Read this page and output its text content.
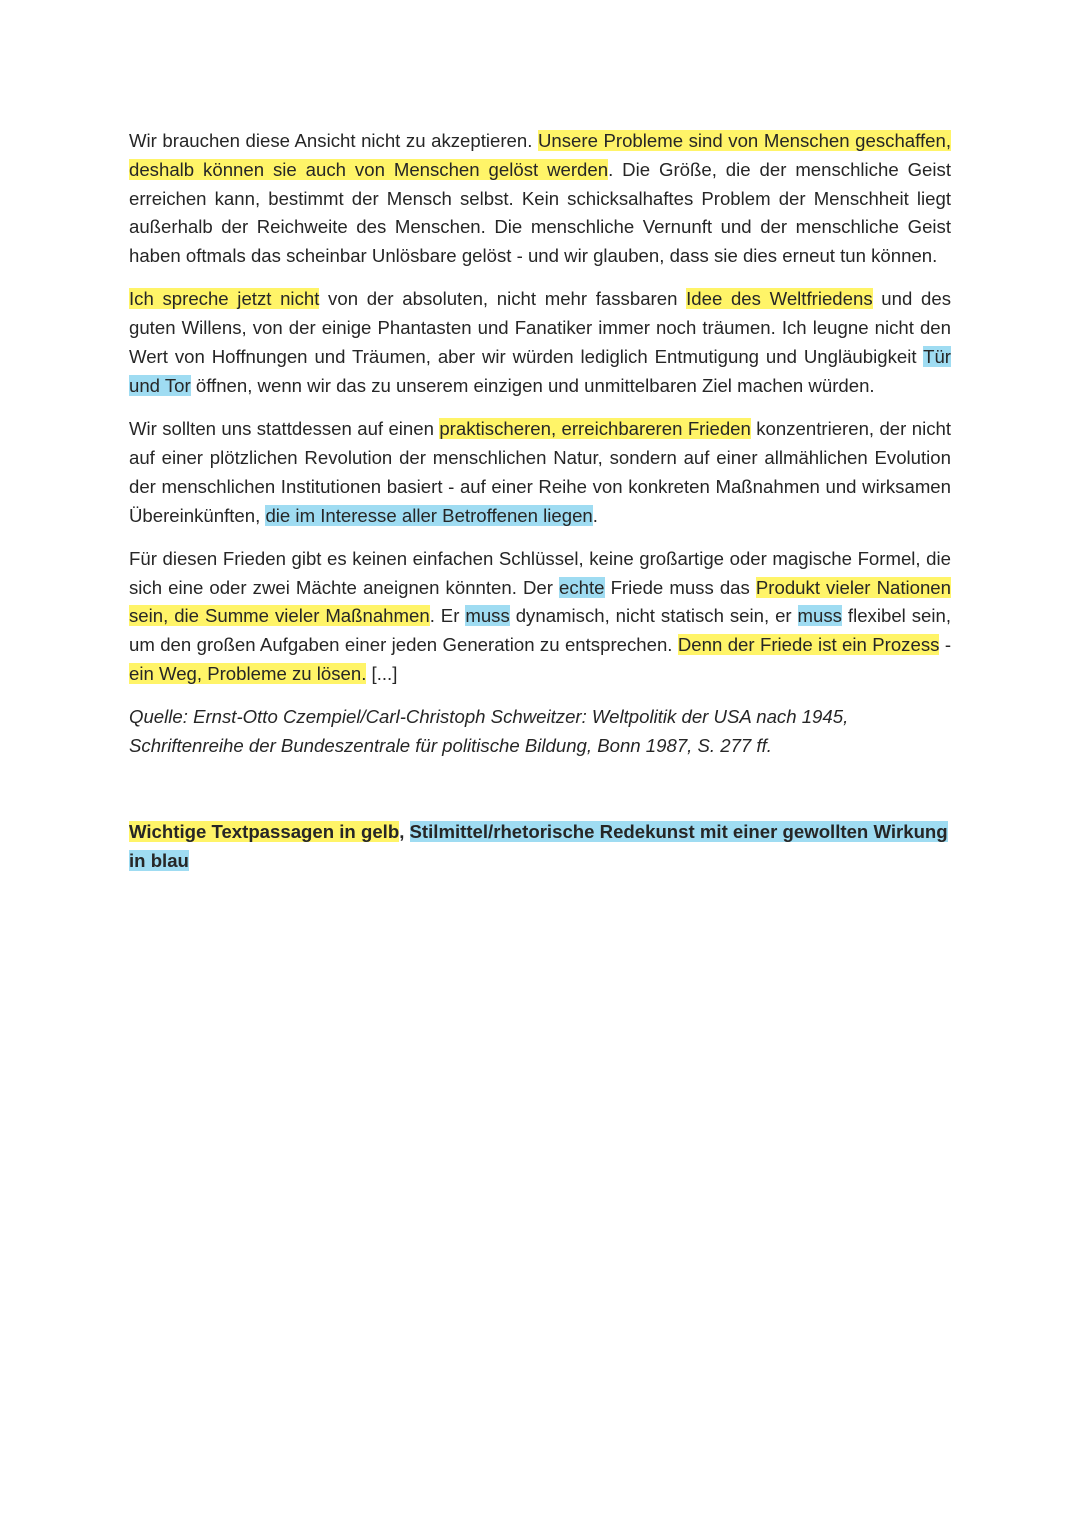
Wir brauchen diese Ansicht nicht zu akzeptieren. Unsere Probleme sind von Menschen geschaffen, deshalb können sie auch von Menschen gelöst werden. Die Größe, die der menschliche Geist erreichen kann, bestimmt der Mensch selbst. Kein schicksalhaftes Problem der Menschheit liegt außerhalb der Reichweite des Menschen. Die menschliche Vernunft und der menschliche Geist haben oftmals das scheinbar Unlösbare gelöst - und wir glauben, dass sie dies erneut tun können.

Ich spreche jetzt nicht von der absoluten, nicht mehr fassbaren Idee des Weltfriedens und des guten Willens, von der einige Phantasten und Fanatiker immer noch träumen. Ich leugne nicht den Wert von Hoffnungen und Träumen, aber wir würden lediglich Entmutigung und Ungläubigkeit Tür und Tor öffnen, wenn wir das zu unserem einzigen und unmittelbaren Ziel machen würden.

Wir sollten uns stattdessen auf einen praktischeren, erreichbareren Frieden konzentrieren, der nicht auf einer plötzlichen Revolution der menschlichen Natur, sondern auf einer allmählichen Evolution der menschlichen Institutionen basiert - auf einer Reihe von konkreten Maßnahmen und wirksamen Übereinkünften, die im Interesse aller Betroffenen liegen.

Für diesen Frieden gibt es keinen einfachen Schlüssel, keine großartige oder magische Formel, die sich eine oder zwei Mächte aneignen könnten. Der echte Friede muss das Produkt vieler Nationen sein, die Summe vieler Maßnahmen. Er muss dynamisch, nicht statisch sein, er muss flexibel sein, um den großen Aufgaben einer jeden Generation zu entsprechen. Denn der Friede ist ein Prozess - ein Weg, Probleme zu lösen. [...]

Quelle: Ernst-Otto Czempiel/Carl-Christoph Schweitzer: Weltpolitik der USA nach 1945, Schriftenreihe der Bundeszentrale für politische Bildung, Bonn 1987, S. 277 ff.

Wichtige Textpassagen in gelb, Stilmittel/rhetorische Redekunst mit einer gewollten Wirkung in blau
